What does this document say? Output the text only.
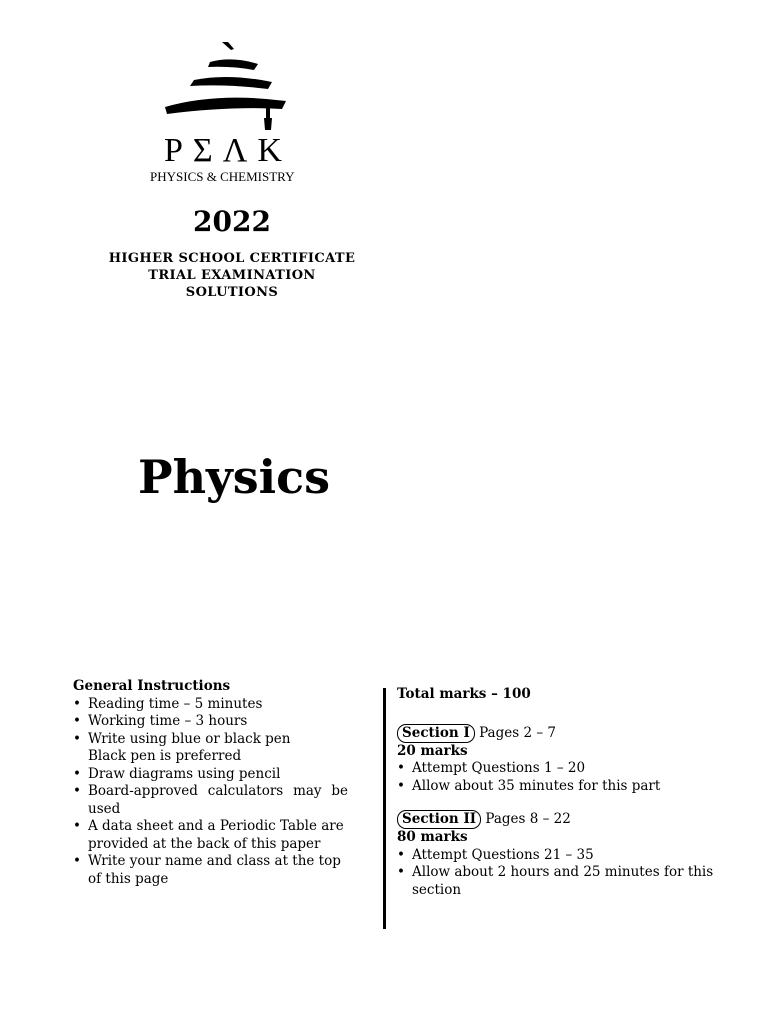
PΣΛK
PHYSICS & CHEMISTRY
2022
HIGHER SCHOOL CERTIFICATE
TRIAL EXAMINATION
SOLUTIONS
Physics
General Instructions
• Reading time – 5 minutes
• Working time – 3 hours
• Write using blue or black pen
Black pen is preferred
• Draw diagrams using pencil
• Board-approved calculators may be used
• A data sheet and a Periodic Table are provided at the back of this paper
• Write your name and class at the top of this page
Total marks – 100
Section I Pages 2 – 7
20 marks
• Attempt Questions 1 – 20
• Allow about 35 minutes for this part
Section II Pages 8 – 22
80 marks
• Attempt Questions 21 – 35
• Allow about 2 hours and 25 minutes for this section
